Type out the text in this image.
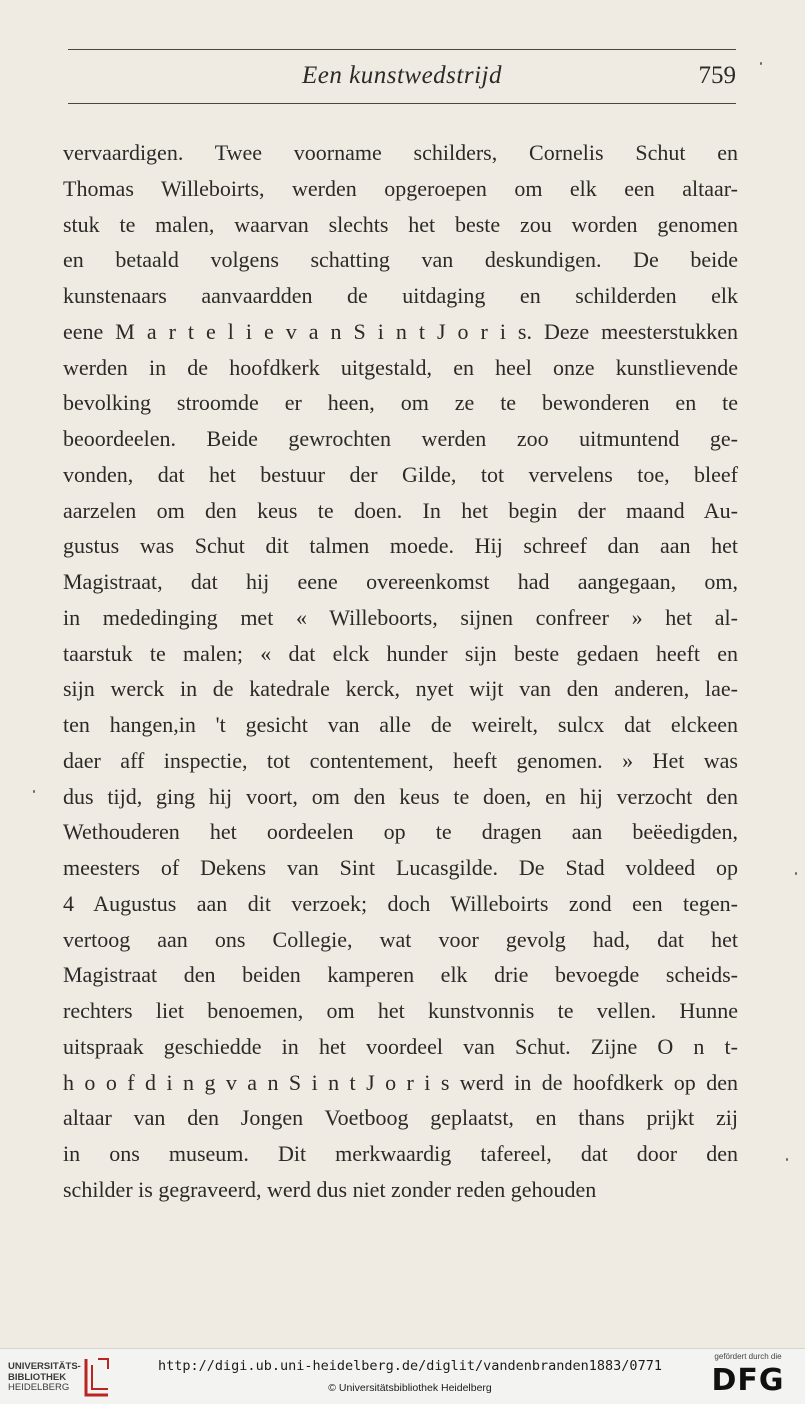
Een kunstwedstrijd	759
vervaardigen. Twee voorname schilders, Cornelis Schut en
Thomas Willeboirts, werden opgeroepen om elk een altaar-
stuk te malen, waarvan slechts het beste zou worden genomen
en betaald volgens schatting van deskundigen. De beide
kunstenaars aanvaardden de uitdaging en schilderden elk
eene M a r t e l i e v a n S i n t J o r i s. Deze meesterstukken
werden in de hoofdkerk uitgestald, en heel onze kunstlievende
bevolking stroomde er heen, om ze te bewonderen en te
beoordeelen. Beide gewrochten werden zoo uitmuntend ge-
vonden, dat het bestuur der Gilde, tot vervelens toe, bleef
aarzelen om den keus te doen. In het begin der maand Au-
gustus was Schut dit talmen moede. Hij schreef dan aan het
Magistraat, dat hij eene overeenkomst had aangegaan, om,
in mededinging met « Willeboorts, sijnen confreer » het al-
taarstuk te malen; « dat elck hunder sijn beste gedaen heeft en
sijn werck in de katedrale kerck, nyet wijt van den anderen, lae-
ten hangen,in 't gesicht van alle de weirelt, sulcx dat elckeen
daer aff inspectie, tot contentement, heeft genomen. » Het was
dus tijd, ging hij voort, om den keus te doen, en hij verzocht den
Wethouderen het oordeelen op te dragen aan beëedigden,
meesters of Dekens van Sint Lucasgilde. De Stad voldeed op
4 Augustus aan dit verzoek; doch Willeboirts zond een tegen-
vertoog aan ons Collegie, wat voor gevolg had, dat het
Magistraat den beiden kamperen elk drie bevoegde scheids-
rechters liet benoemen, om het kunstvonnis te vellen. Hunne
uitspraak geschiedde in het voordeel van Schut. Zijne O n t-
h o o f d i n g v a n S i n t J o r i s werd in de hoofdkerk op den
altaar van den Jongen Voetboog geplaatst, en thans prijkt zij
in ons museum. Dit merkwaardig tafereel, dat door den
schilder is gegraveerd, werd dus niet zonder reden gehouden
UNIVERSITÄTS-
BIBLIOTHEK
HEIDELBERG
http://digi.ub.uni-heidelberg.de/diglit/vandenbranden1883/0771
© Universitätsbibliothek Heidelberg
gefördert durch die
DFG
